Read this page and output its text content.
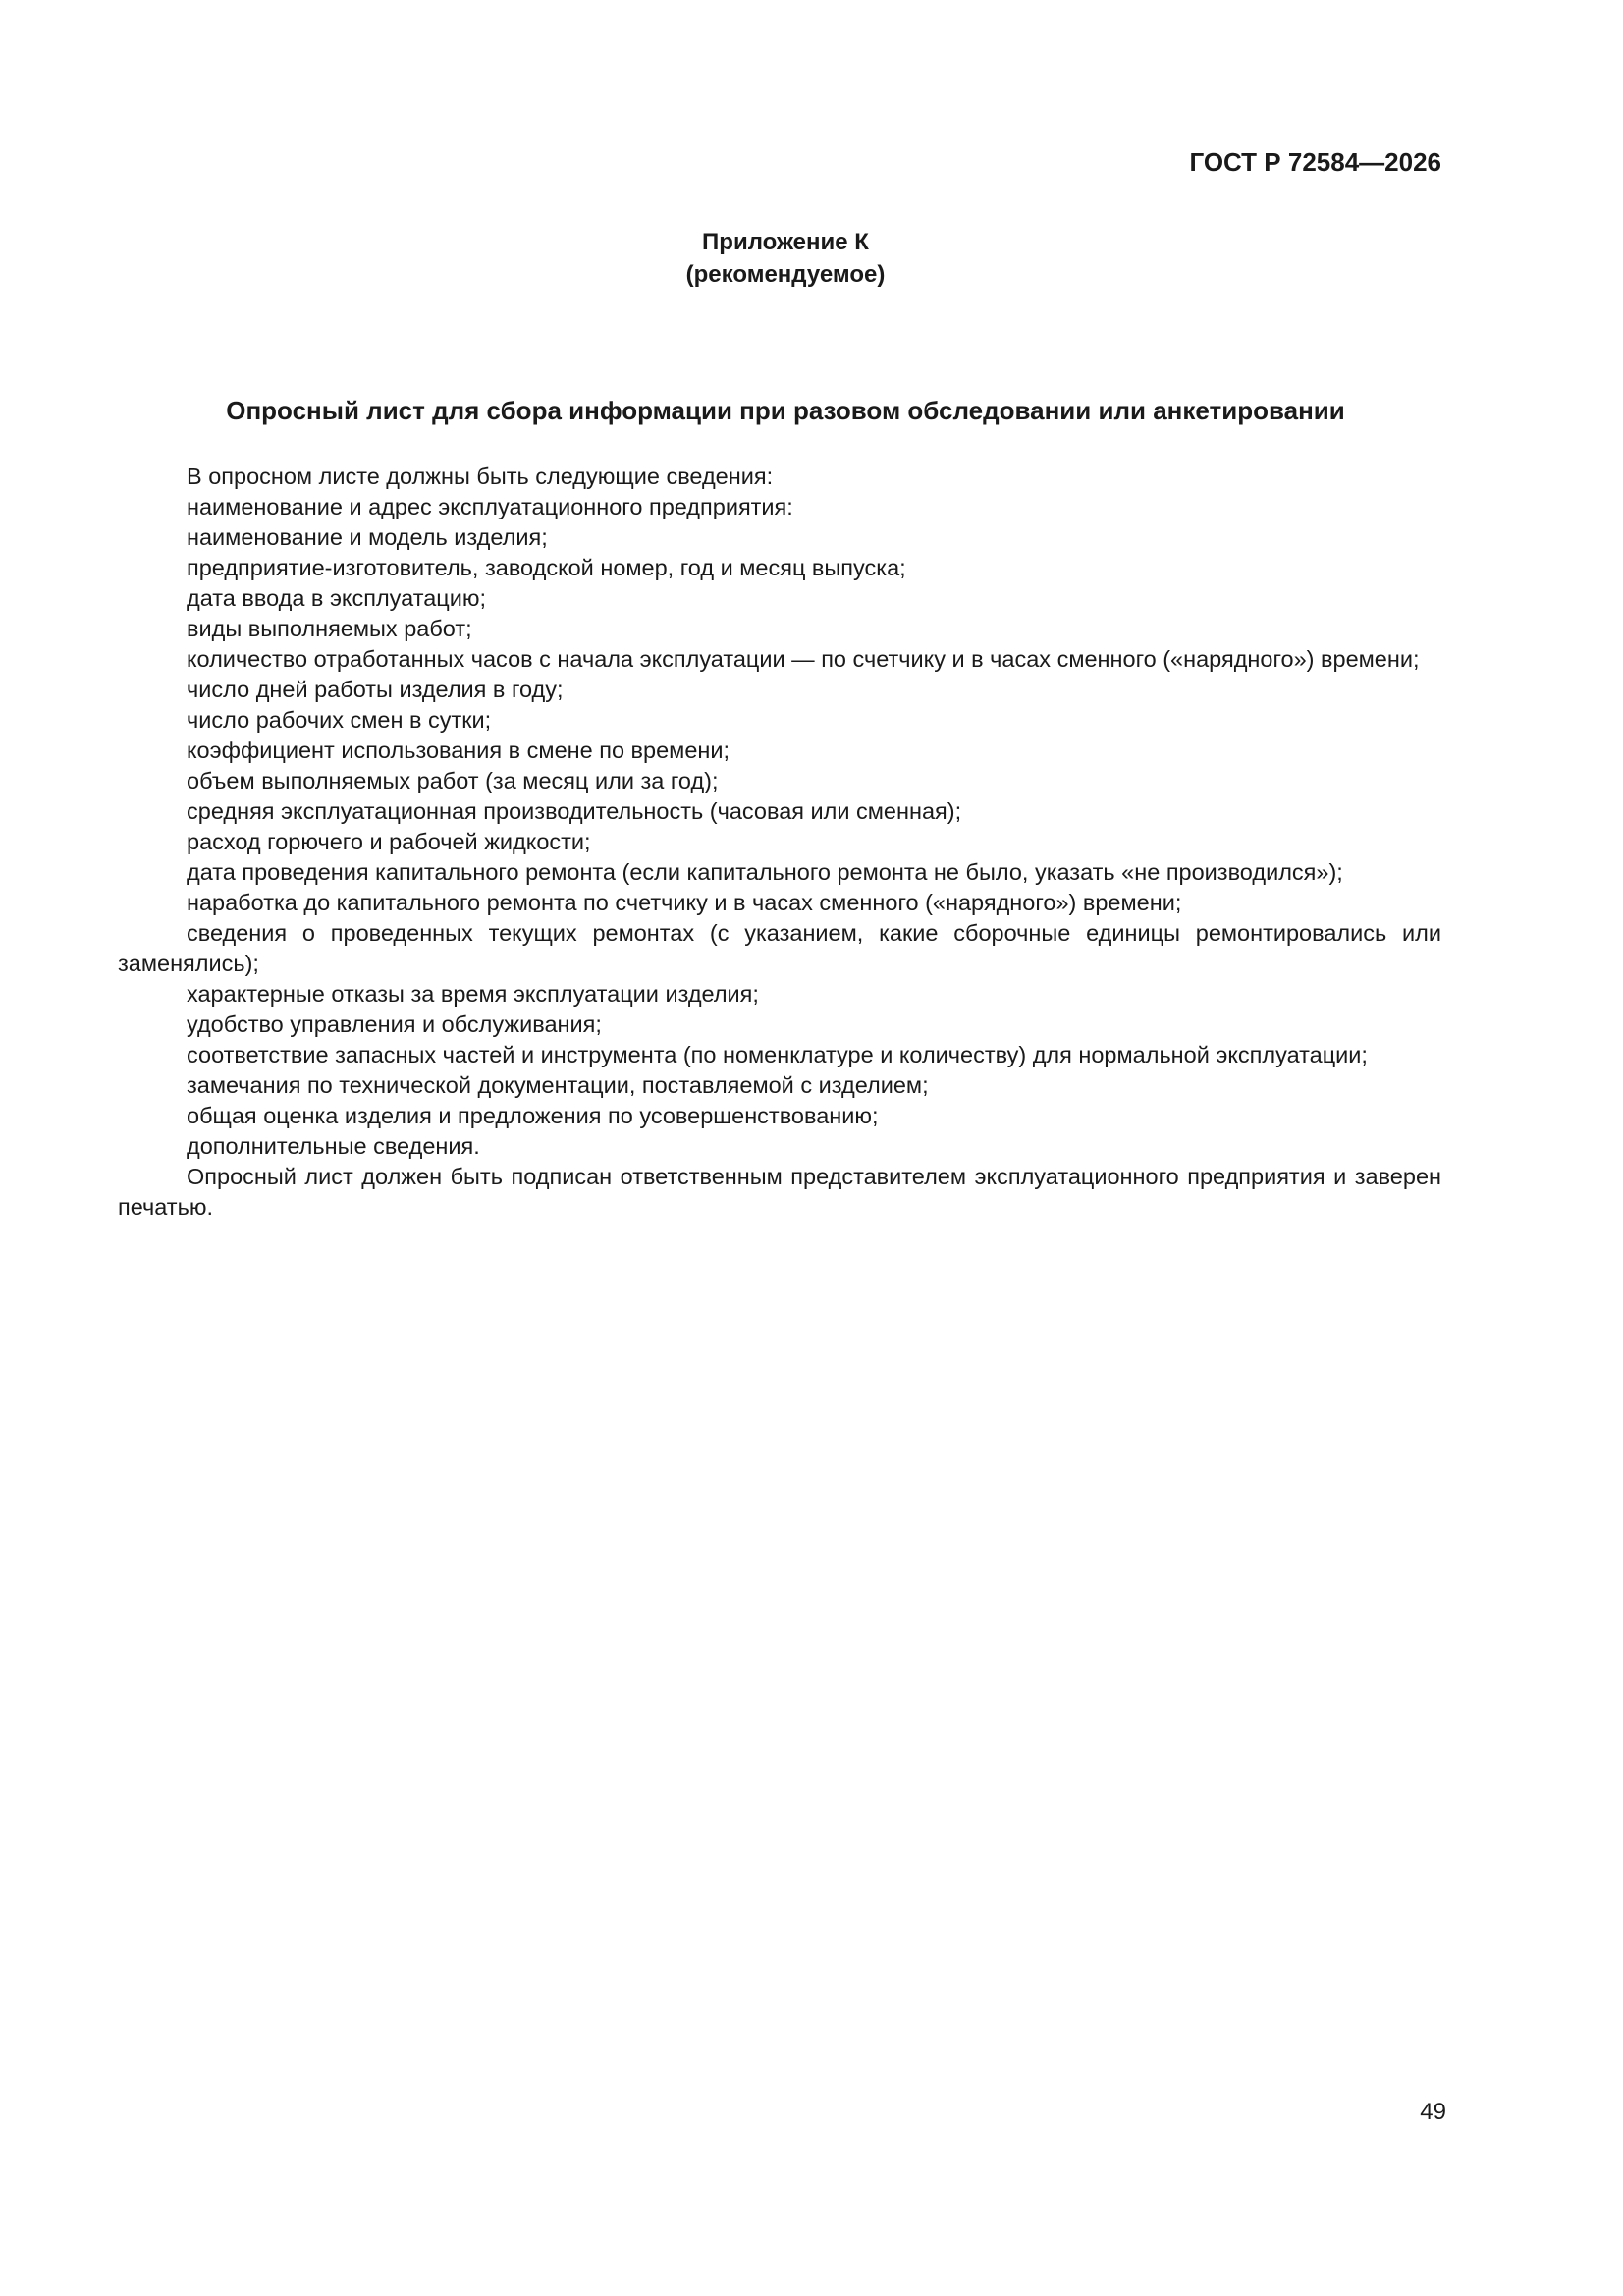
ГОСТ Р 72584—2026
Приложение К
(рекомендуемое)
Опросный лист для сбора информации при разовом обследовании или анкетировании

В опросном листе должны быть следующие сведения:

наименование и адрес эксплуатационного предприятия:

наименование и модель изделия;

предприятие-изготовитель, заводской номер, год и месяц выпуска;

дата ввода в эксплуатацию;

виды выполняемых работ;

количество отработанных часов с начала эксплуатации — по счетчику и в часах сменного («нарядного») времени;

число дней работы изделия в году;

число рабочих смен в сутки;

коэффициент использования в смене по времени;

объем выполняемых работ (за месяц или за год);

средняя эксплуатационная производительность (часовая или сменная);

расход горючего и рабочей жидкости;

дата проведения капитального ремонта (если капитального ремонта не было, указать «не производился»);

наработка до капитального ремонта по счетчику и в часах сменного («нарядного») времени;

сведения о проведенных текущих ремонтах (с указанием, какие сборочные единицы ремонтировались или заменялись);

характерные отказы за время эксплуатации изделия;

удобство управления и обслуживания;

соответствие запасных частей и инструмента (по номенклатуре и количеству) для нормальной эксплуатации;

замечания по технической документации, поставляемой с изделием;

общая оценка изделия и предложения по усовершенствованию;

дополнительные сведения.

Опросный лист должен быть подписан ответственным представителем эксплуатационного предприятия и заверен печатью.

49
